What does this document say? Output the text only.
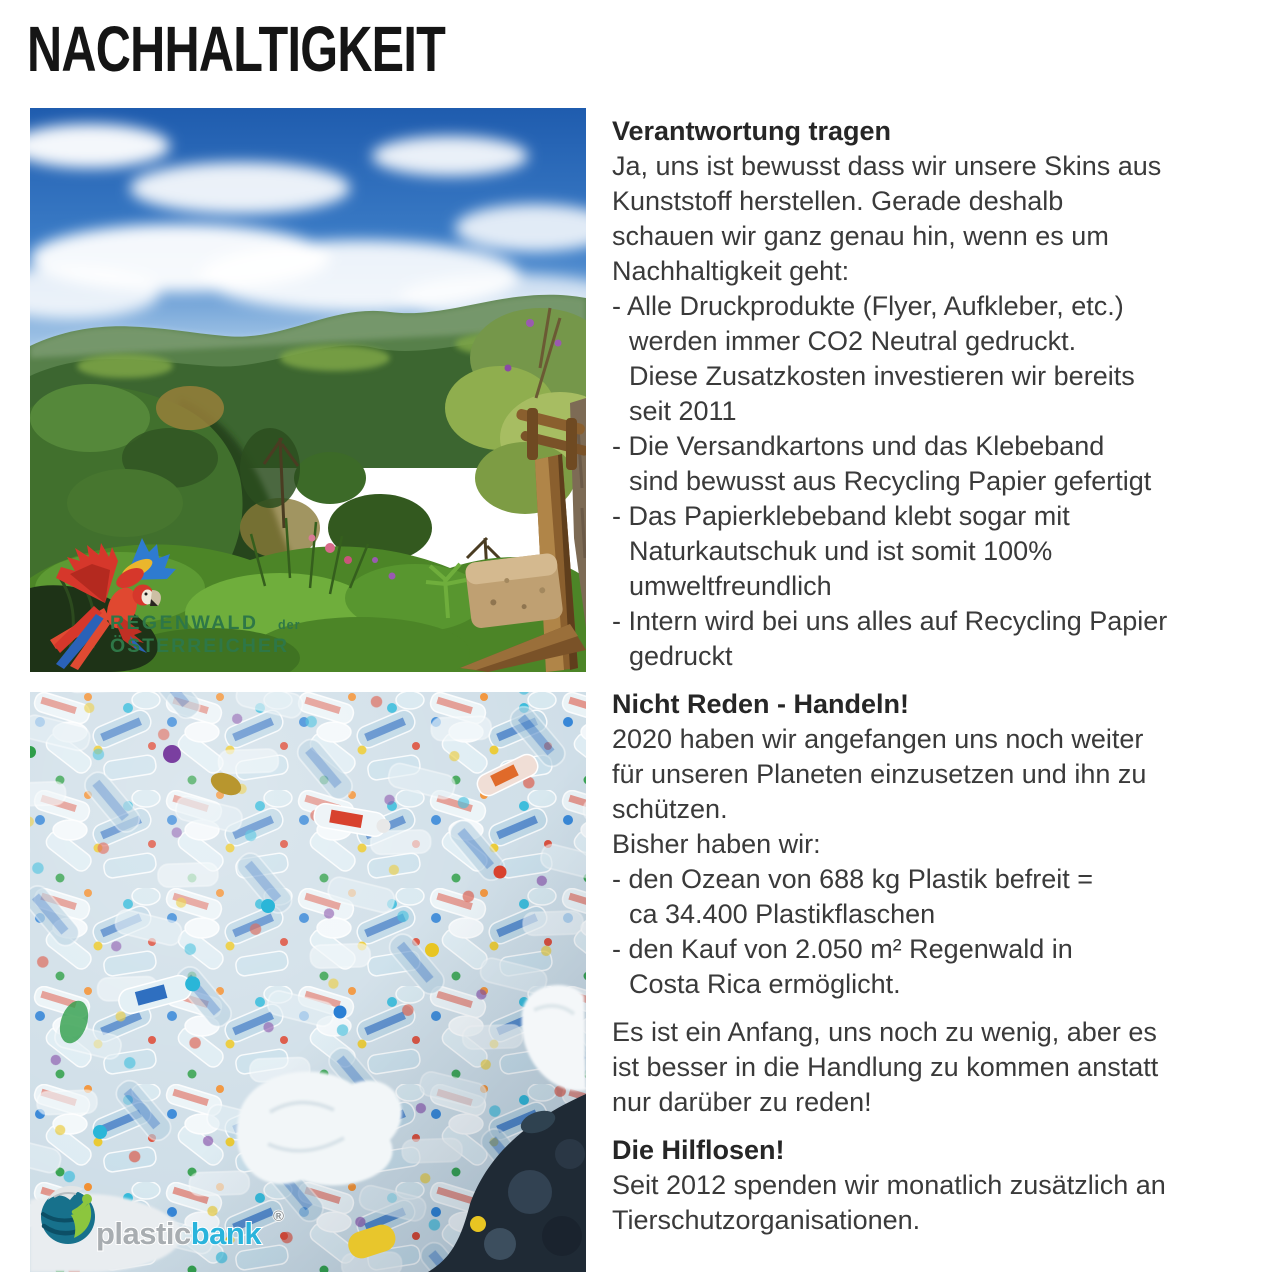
NACHHALTIGKEIT
REGENWALD der
ÖSTERREICHER
plasticbank ®
Verantwortung tragen
Ja, uns ist bewusst dass wir unsere Skins aus
Kunststoff herstellen. Gerade deshalb
schauen wir ganz genau hin, wenn es um
Nachhaltigkeit geht:
- Alle Druckprodukte (Flyer, Aufkleber, etc.)
werden immer CO2 Neutral gedruckt.
Diese Zusatzkosten investieren wir bereits
seit 2011
- Die Versandkartons und das Klebeband
sind bewusst aus Recycling Papier gefertigt
- Das Papierklebeband klebt sogar mit
Naturkautschuk und ist somit 100%
umweltfreundlich
- Intern wird bei uns alles auf Recycling Papier
gedruckt
Nicht Reden - Handeln!
2020 haben wir angefangen uns noch weiter
für unseren Planeten einzusetzen und ihn zu
schützen.
Bisher haben wir:
- den Ozean von 688 kg Plastik befreit =
ca 34.400 Plastikflaschen
- den Kauf von 2.050 m² Regenwald in
Costa Rica ermöglicht.
Es ist ein Anfang, uns noch zu wenig, aber es
ist besser in die Handlung zu kommen anstatt
nur darüber zu reden!
Die Hilflosen!
Seit 2012 spenden wir monatlich zusätzlich an
Tierschutzorganisationen.
